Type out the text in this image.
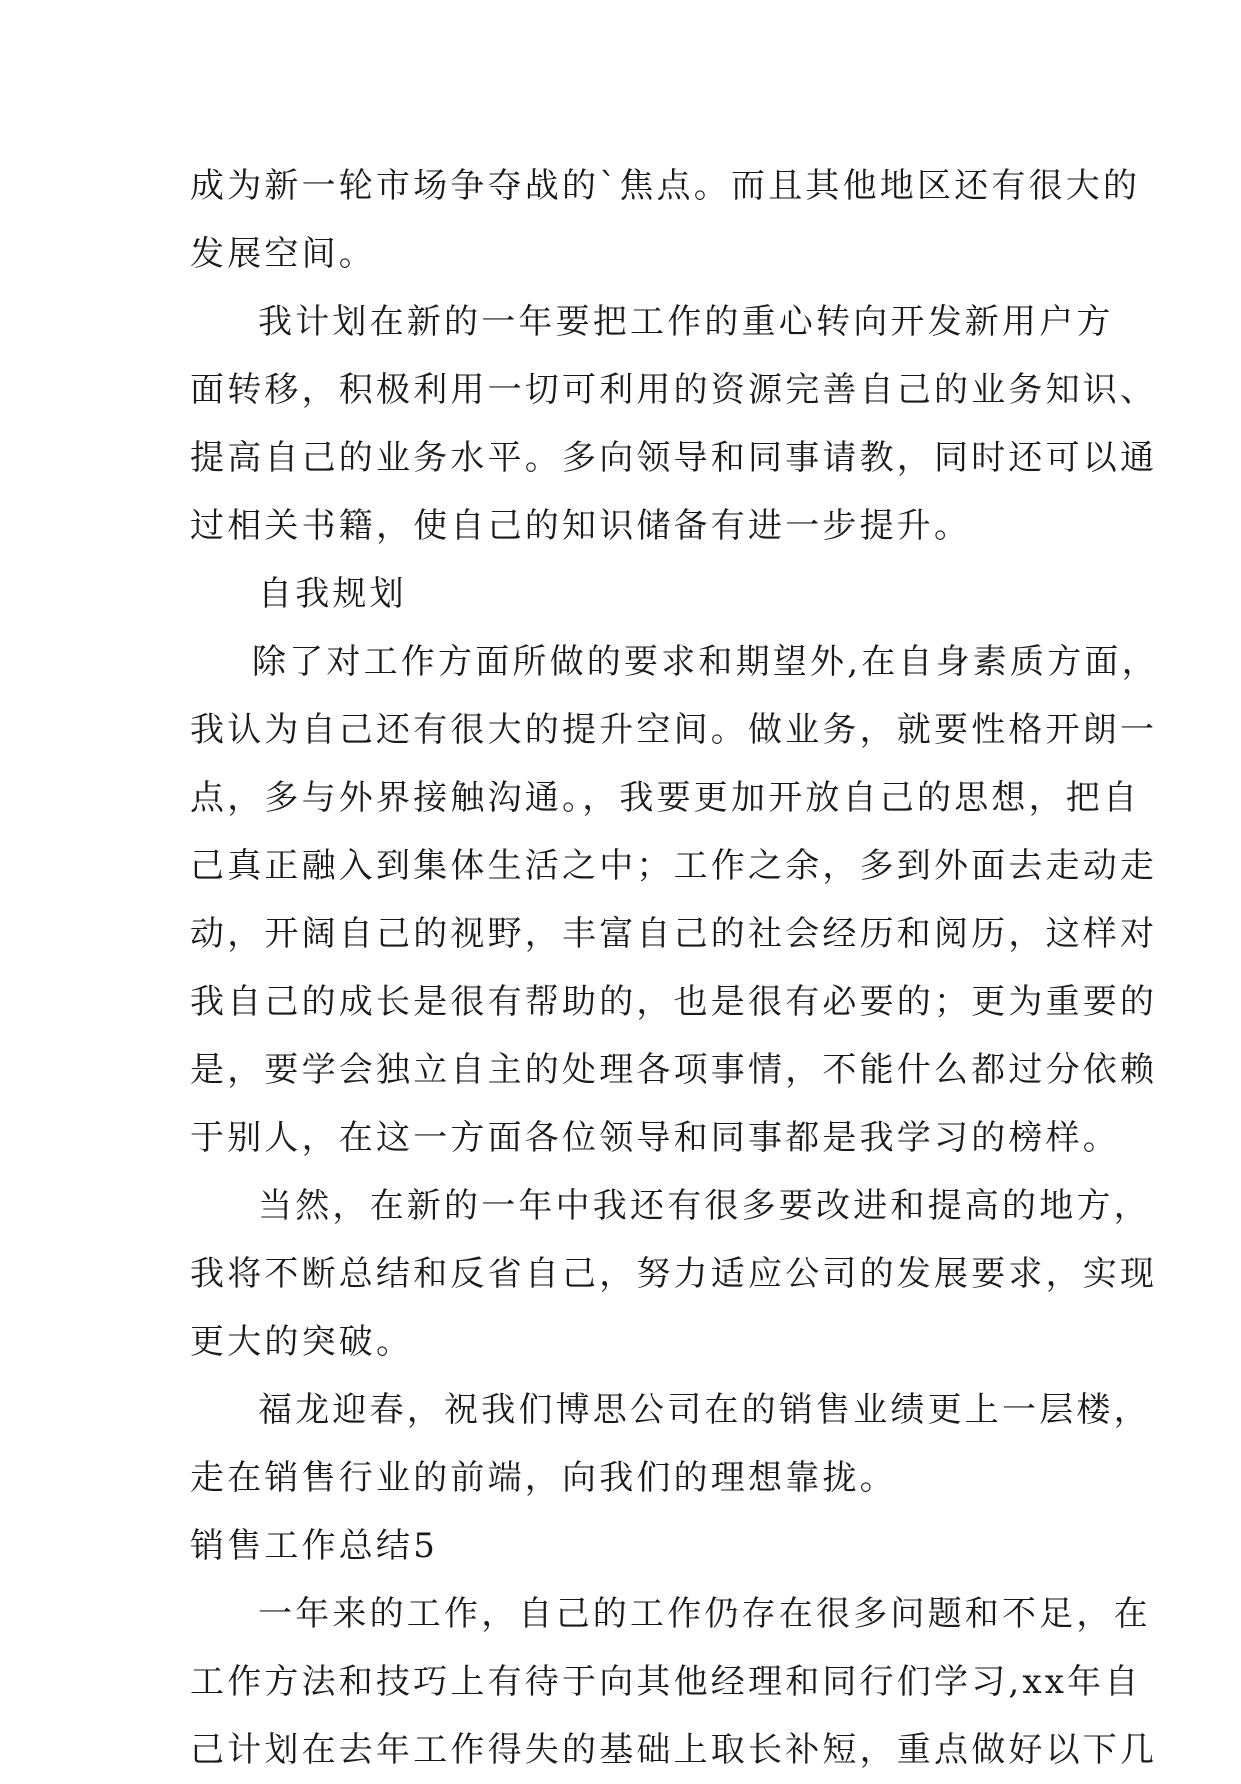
成为新一轮市场争夺战的`焦点。而且其他地区还有很大的
发展空间。
我计划在新的一年要把工作的重心转向开发新用户方
面转移，积极利用一切可利用的资源完善自己的业务知识、
提高自己的业务水平。多向领导和同事请教，同时还可以通
过相关书籍，使自己的知识储备有进一步提升。
自我规划
除了对工作方面所做的要求和期望外,在自身素质方面，
我认为自己还有很大的提升空间。做业务，就要性格开朗一
点，多与外界接触沟通。，我要更加开放自己的思想，把自
己真正融入到集体生活之中；工作之余，多到外面去走动走
动，开阔自己的视野，丰富自己的社会经历和阅历，这样对
我自己的成长是很有帮助的，也是很有必要的；更为重要的
是，要学会独立自主的处理各项事情，不能什么都过分依赖
于别人，在这一方面各位领导和同事都是我学习的榜样。
当然，在新的一年中我还有很多要改进和提高的地方，
我将不断总结和反省自己，努力适应公司的发展要求，实现
更大的突破。
福龙迎春，祝我们博思公司在的销售业绩更上一层楼，
走在销售行业的前端，向我们的理想靠拢。
销售工作总结5
一年来的工作，自己的工作仍存在很多问题和不足，在
工作方法和技巧上有待于向其他经理和同行们学习,xx年自
己计划在去年工作得失的基础上取长补短，重点做好以下几
